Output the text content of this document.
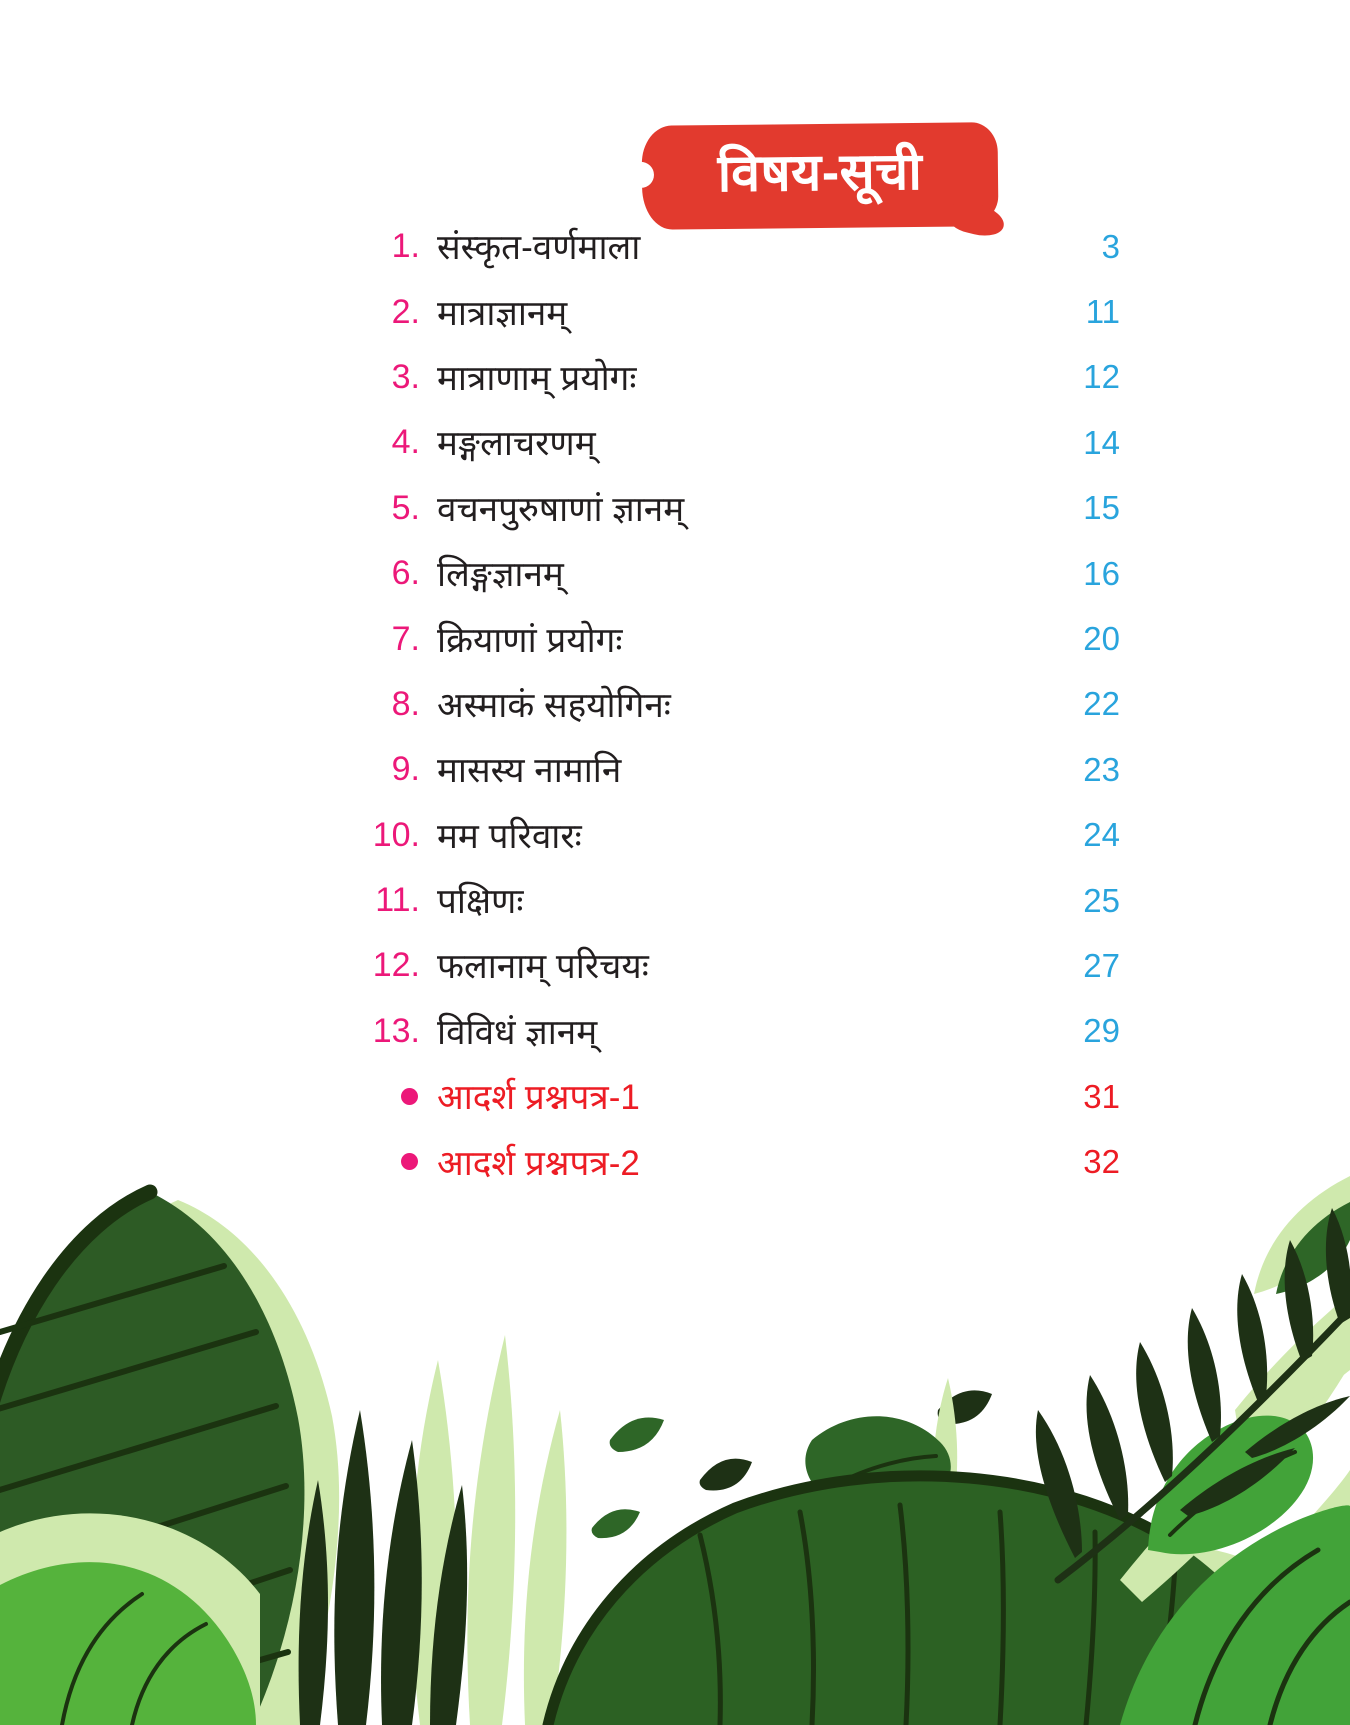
विषय-सूची
1. संस्कृत-वर्णमाला	3
2. मात्राज्ञानम्	11
3. मात्राणाम् प्रयोगः	12
4. मङ्गलाचरणम्	14
5. वचनपुरुषाणां ज्ञानम्	15
6. लिङ्गज्ञानम्	16
7. क्रियाणां प्रयोगः	20
8. अस्माकं सहयोगिनः	22
9. मासस्य नामानि	23
10. मम परिवारः	24
11. पक्षिणः	25
12. फलानाम् परिचयः	27
13. विविधं ज्ञानम्	29
आदर्श प्रश्नपत्र-1	31
आदर्श प्रश्नपत्र-2	32
